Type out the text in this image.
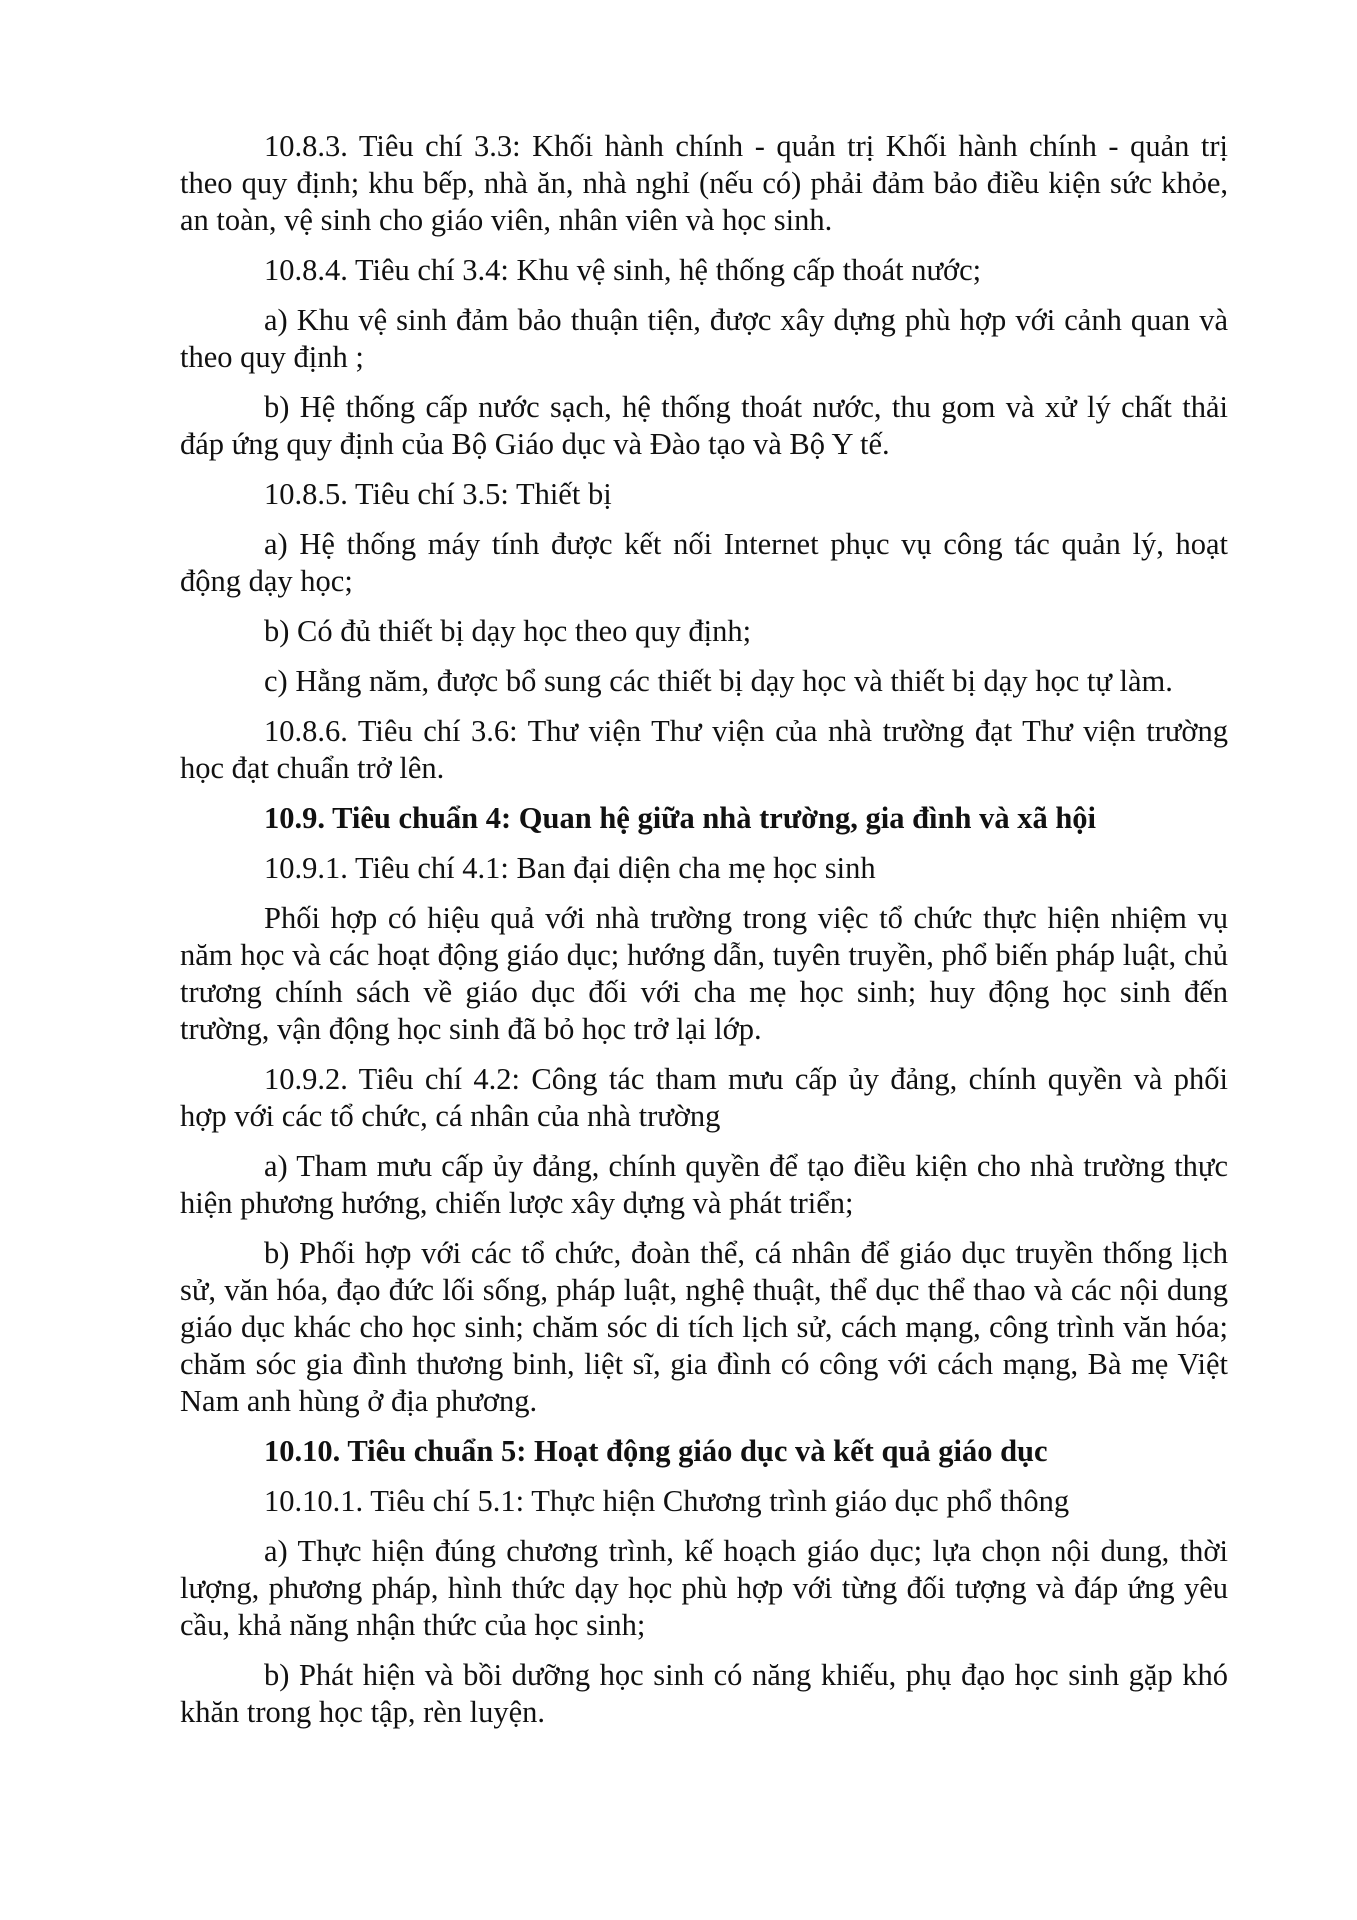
10.8.3. Tiêu chí 3.3: Khối hành chính - quản trị Khối hành chính - quản trị theo quy định; khu bếp, nhà ăn, nhà nghỉ (nếu có) phải đảm bảo điều kiện sức khỏe, an toàn, vệ sinh cho giáo viên, nhân viên và học sinh.

10.8.4. Tiêu chí 3.4: Khu vệ sinh, hệ thống cấp thoát nước;

a) Khu vệ sinh đảm bảo thuận tiện, được xây dựng phù hợp với cảnh quan và theo quy định ;

b) Hệ thống cấp nước sạch, hệ thống thoát nước, thu gom và xử lý chất thải đáp ứng quy định của Bộ Giáo dục và Đào tạo và Bộ Y tế.

10.8.5. Tiêu chí 3.5: Thiết bị

a) Hệ thống máy tính được kết nối Internet phục vụ công tác quản lý, hoạt động dạy học;

b) Có đủ thiết bị dạy học theo quy định;

c) Hằng năm, được bổ sung các thiết bị dạy học và thiết bị dạy học tự làm.

10.8.6. Tiêu chí 3.6: Thư viện Thư viện của nhà trường đạt Thư viện trường học đạt chuẩn trở lên.

10.9. Tiêu chuẩn 4: Quan hệ giữa nhà trường, gia đình và xã hội

10.9.1. Tiêu chí 4.1: Ban đại diện cha mẹ học sinh

Phối hợp có hiệu quả với nhà trường trong việc tổ chức thực hiện nhiệm vụ năm học và các hoạt động giáo dục; hướng dẫn, tuyên truyền, phổ biến pháp luật, chủ trương chính sách về giáo dục đối với cha mẹ học sinh; huy động học sinh đến trường, vận động học sinh đã bỏ học trở lại lớp.

10.9.2. Tiêu chí 4.2: Công tác tham mưu cấp ủy đảng, chính quyền và phối hợp với các tổ chức, cá nhân của nhà trường

a) Tham mưu cấp ủy đảng, chính quyền để tạo điều kiện cho nhà trường thực hiện phương hướng, chiến lược xây dựng và phát triển;

b) Phối hợp với các tổ chức, đoàn thể, cá nhân để giáo dục truyền thống lịch sử, văn hóa, đạo đức lối sống, pháp luật, nghệ thuật, thể dục thể thao và các nội dung giáo dục khác cho học sinh; chăm sóc di tích lịch sử, cách mạng, công trình văn hóa; chăm sóc gia đình thương binh, liệt sĩ, gia đình có công với cách mạng, Bà mẹ Việt Nam anh hùng ở địa phương.

10.10. Tiêu chuẩn 5: Hoạt động giáo dục và kết quả giáo dục

10.10.1. Tiêu chí 5.1: Thực hiện Chương trình giáo dục phổ thông

a) Thực hiện đúng chương trình, kế hoạch giáo dục; lựa chọn nội dung, thời lượng, phương pháp, hình thức dạy học phù hợp với từng đối tượng và đáp ứng yêu cầu, khả năng nhận thức của học sinh;

b) Phát hiện và bồi dưỡng học sinh có năng khiếu, phụ đạo học sinh gặp khó khăn trong học tập, rèn luyện.
